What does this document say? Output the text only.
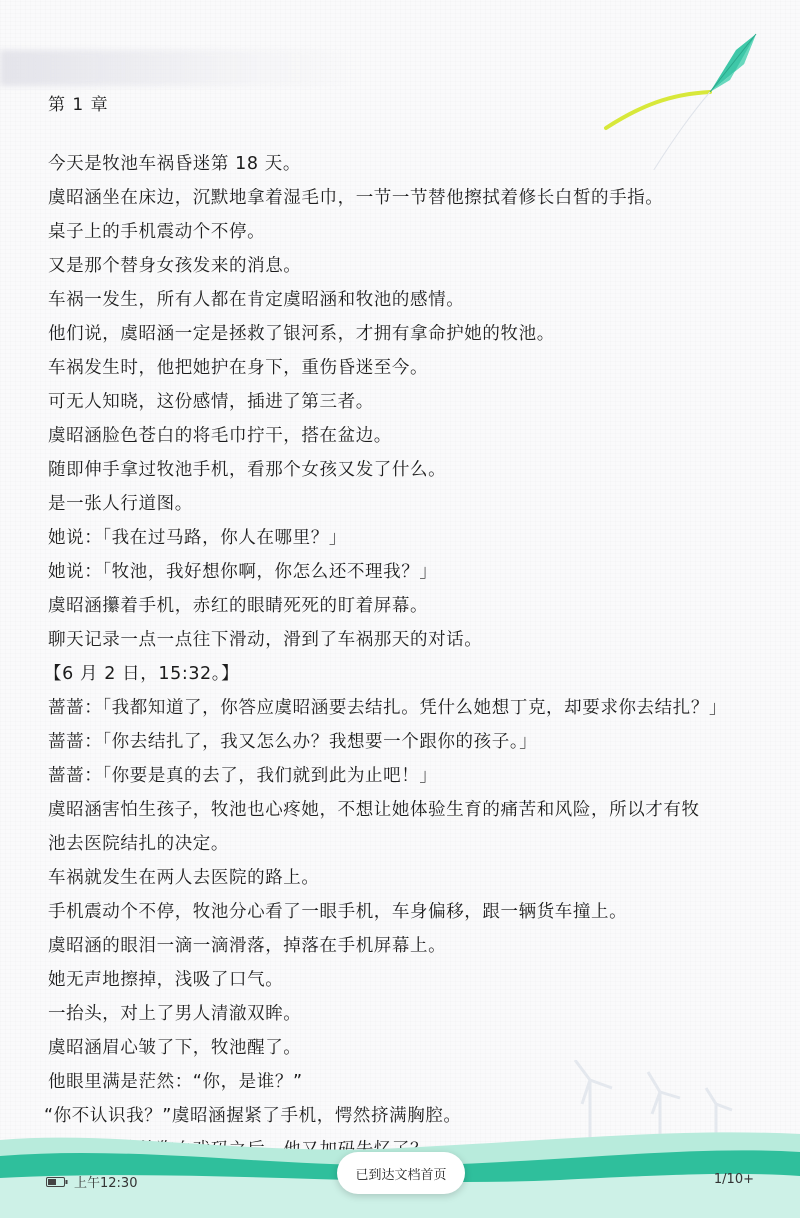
第 1 章

今天是牧池车祸昏迷第 18 天。

虞昭涵坐在床边，沉默地拿着湿毛巾，一节一节替他擦拭着修长白皙的手指。

桌子上的手机震动个不停。

又是那个替身女孩发来的消息。

车祸一发生，所有人都在肯定虞昭涵和牧池的感情。

他们说，虞昭涵一定是拯救了银河系，才拥有拿命护她的牧池。

车祸发生时，他把她护在身下，重伤昏迷至今。

可无人知晓，这份感情，插进了第三者。

虞昭涵脸色苍白的将毛巾拧干，搭在盆边。

随即伸手拿过牧池手机，看那个女孩又发了什么。

是一张人行道图。

她说：「我在过马路，你人在哪里？」

她说：「牧池，我好想你啊，你怎么还不理我？」

虞昭涵攥着手机，赤红的眼睛死死的盯着屏幕。

聊天记录一点一点往下滑动，滑到了车祸那天的对话。

【6 月 2 日，15:32。】

蔷蔷：「我都知道了，你答应虞昭涵要去结扎。凭什么她想丁克，却要求你去结扎？」

蔷蔷：「你去结扎了，我又怎么办？我想要一个跟你的孩子。」

蔷蔷：「你要是真的去了，我们就到此为止吧！」

虞昭涵害怕生孩子，牧池也心疼她，不想让她体验生育的痛苦和风险，所以才有牧
池去医院结扎的决定。

车祸就发生在两人去医院的路上。

手机震动个不停，牧池分心看了一眼手机，车身偏移，跟一辆货车撞上。

虞昭涵的眼泪一滴一滴滑落，掉落在手机屏幕上。

她无声地擦掉，浅吸了口气。

一抬头，对上了男人清澈双眸。

虞昭涵眉心皱了下，牧池醒了。

他眼里满是茫然：“你，是谁？”

“你不认识我？”虞昭涵握紧了手机，愕然挤满胸腔。

上午12:30
已到达文档首页	1/10+
